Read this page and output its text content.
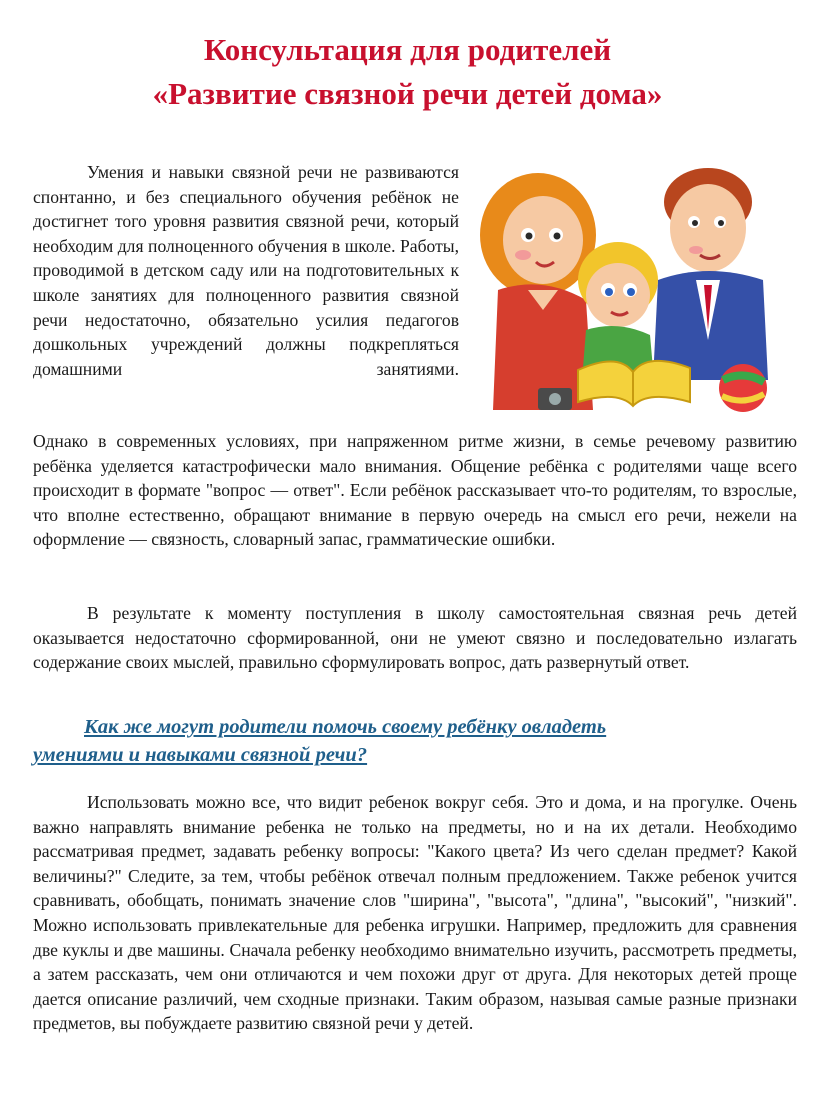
Консультация для родителей
«Развитие связной речи детей дома»

Умения и навыки связной речи не развиваются спонтанно, и без специального обучения ребёнок не достигнет того уровня развития связной речи, который необходим для полноценного обучения в школе. Работы, проводимой в детском саду или на подготовительных к школе занятиях для полноценного развития связной речи недостаточно, обязательно усилия педагогов дошкольных учреждений должны подкрепляться домашними занятиями.

Однако в современных условиях, при напряженном ритме жизни, в семье речевому развитию ребёнка уделяется катастрофически мало внимания. Общение ребёнка с родителями чаще всего происходит в формате "вопрос — ответ". Если ребёнок рассказывает что-то родителям, то взрослые, что вполне естественно, обращают внимание в первую очередь на смысл его речи, нежели на оформление — связность, словарный запас, грамматические ошибки.

В результате к моменту поступления в школу самостоятельная связная речь детей оказывается недостаточно сформированной, они не умеют связно и последовательно излагать содержание своих мыслей, правильно сформулировать вопрос, дать развернутый ответ.

Как же могут родители помочь своему ребёнку овладеть
умениями и навыками связной речи?

Использовать можно все, что видит ребенок вокруг себя. Это и дома, и на прогулке. Очень важно направлять внимание ребенка не только на предметы, но и на их детали. Необходимо рассматривая предмет, задавать ребенку вопросы: "Какого цвета? Из чего сделан предмет? Какой величины?" Следите, за тем, чтобы ребёнок отвечал полным предложением. Также ребенок учится сравнивать, обобщать, понимать значение слов "ширина", "высота", "длина", "высокий", "низкий". Можно использовать привлекательные для ребенка игрушки. Например, предложить для сравнения две куклы и две машины. Сначала ребенку необходимо внимательно изучить, рассмотреть предметы, а затем рассказать, чем они отличаются и чем похожи друг от друга. Для некоторых детей проще дается описание различий, чем сходные признаки. Таким образом, называя самые разные признаки предметов, вы побуждаете развитию связной речи у детей.
